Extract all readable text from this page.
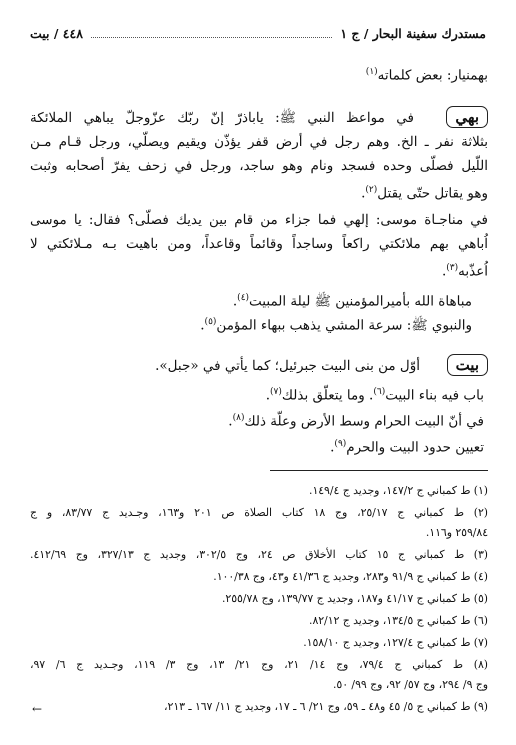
مستدرك سفينة البحار / ج ١
٤٤٨ / بيت
بهمنيار: بعض كلماته$^{(١)}$
في مواعظ النبي ﷺ: ياباذرّ إنّ ربّك عزّوجلّ يباهي الملائكة	بهي
بثلاثة نفر ـ الخ. وهم رجل في أرض قفر يؤذّن ويقيم ويصلّي، ورجل قـام مـن
اللّيل فصلّى وحده فسجد ونام وهو ساجد، ورجل في زحف يفرّ أصحابه وثبت
وهو يقاتل حتّى يقتل$^{(٢)}$.
في مناجـاة موسى: إلهي فما جزاء من قام بين يديك فصلّى؟ فقال: يا موسى
اُباهي بهم ملائكتي راكعاً وساجداً وقائماً وقاعداً، ومن باهيت بـه مـلائكتي لا
اُعذّبه$^{(٣)}$.
مباهاة الله بأميرالمؤمنين ﷺ ليلة المبيت$^{(٤)}$.
والنبوي ﷺ: سرعة المشي يذهب ببهاء المؤمن$^{(٥)}$.
بيت
أوّل من بنى البيت جبرئيل؛ كما يأتي في «جبل».
باب فيه بناء البيت$^{(٦)}$. وما يتعلّق بذلك$^{(٧)}$.
في أنّ البيت الحرام وسط الأرض وعلّة ذلك$^{(٨)}$.
تعيين حدود البيت والحرم$^{(٩)}$.
(١) ط كمباني ج ١٤٧/٢، وجديد ج ١٤٩/٤.
(٢) ط كمباني ج ٢٥/١٧، وج ١٨ كتاب الصلاة ص ٢٠١ و١٦٣، وجـديد ج ٨٣/٧٧، و ج
٢٥٩/٨٤ و١١٦.
(٣) ط كمباني ج ١٥ كتاب الأخلاق ص ٢٤، وج ٣٠٢/٥، وجديد ج ٣٢٧/١٣، وج ٤١٢/٦٩.
(٤) ط كمباني ج ٩١/٩ و٢٨٣، وجديد ج ٤١/٣٦ و٤٣، وج ١٠٠/٣٨.
(٥) ط كمباني ج ٤١/١٧ و١٨٧، وجديد ج ١٣٩/٧٧، وج ٢٥٥/٧٨.
(٦) ط كمباني ج ١٣٤/٥، وجديد ج ٨٢/١٢.
(٧) ط كمباني ج ١٢٧/٤، وجديد ج ١٥٨/١٠.
(٨) ط كمباني ج ٧٩/٤، وج ١٤/ ٢١، وج ٢١/ ١٣، وج ٣/ ١١٩، وجـديد ج ٦/ ٩٧،
وج ٩/ ٢٩٤، وج ٥٧/ ٩٢، وج ٩٩/ ٥٠.
(٩) ط كمباني ج ٥/ ٤٥ و٤٨ ـ ٥٩، وج ٢١/ ٦ ـ ١٧، وجديد ج ١١/ ١٦٧ ـ ٢١٣،
←
